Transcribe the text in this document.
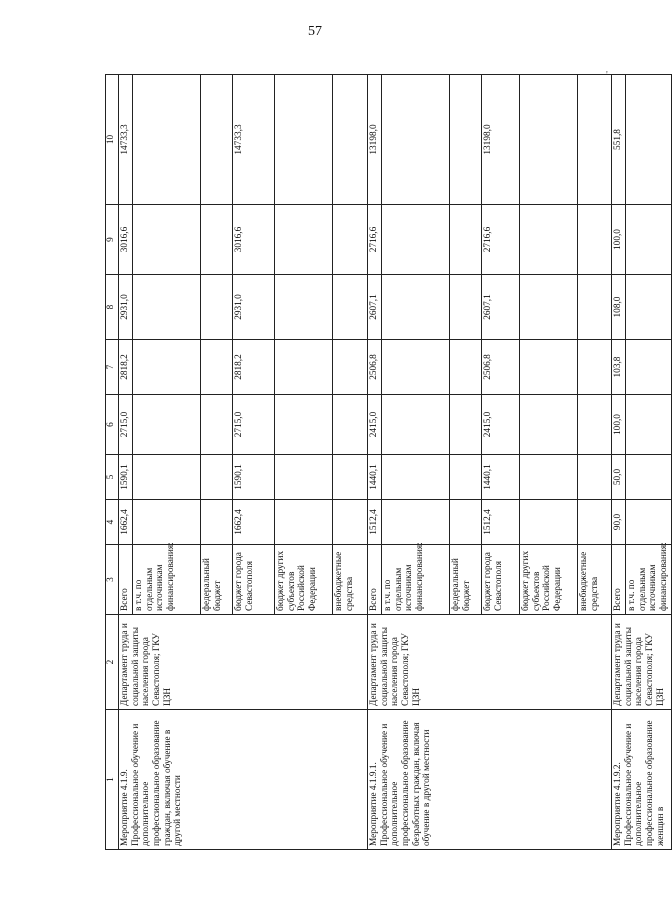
57
'
1	2	3	4	5	6	7	8	9	10
Мероприятие 4.1.9. Профессиональное обучение и дополнительное профессиональное образование граждан, включая обучение в другой местности	Департамент труда и социальной защиты населения города Севастополя; ГКУ ЦЗН	Всего	1662,4	1590,1	2715,0	2818,2	2931,0	3016,6	14733,3
		в т.ч. по отдельным источникам финансирования:							
		федеральный бюджет							
		бюджет города Севастополя	1662,4	1590,1	2715,0	2818,2	2931,0	3016,6	14733,3
		бюджет других субъектов Российской Федерации							
		внебюджетные средства							
Мероприятие 4.1.9.1. Профессиональное обучение и дополнительное профессиональное образование безработных граждан, включая обучение в другой местности	Департамент труда и социальной защиты населения города Севастополя; ГКУ ЦЗН	Всего	1512,4	1440,1	2415,0	2506,8	2607,1	2716,6	13198,0
		в т.ч. по отдельным источникам финансирования:							
		федеральный бюджет							
		бюджет города Севастополя	1512,4	1440,1	2415,0	2506,8	2607,1	2716,6	13198,0
		бюджет других субъектов Российской Федерации							
		внебюджетные средства							
Мероприятие 4.1.9.2. Профессиональное обучение и дополнительное профессиональное образование женщин в	Департамент труда и социальной защиты населения города Севастополя; ГКУ ЦЗН	Всего	90,0	50,0	100,0	103,8	108,0	100,0	551,8
		в т.ч. по отдельным источникам финансирования:							
